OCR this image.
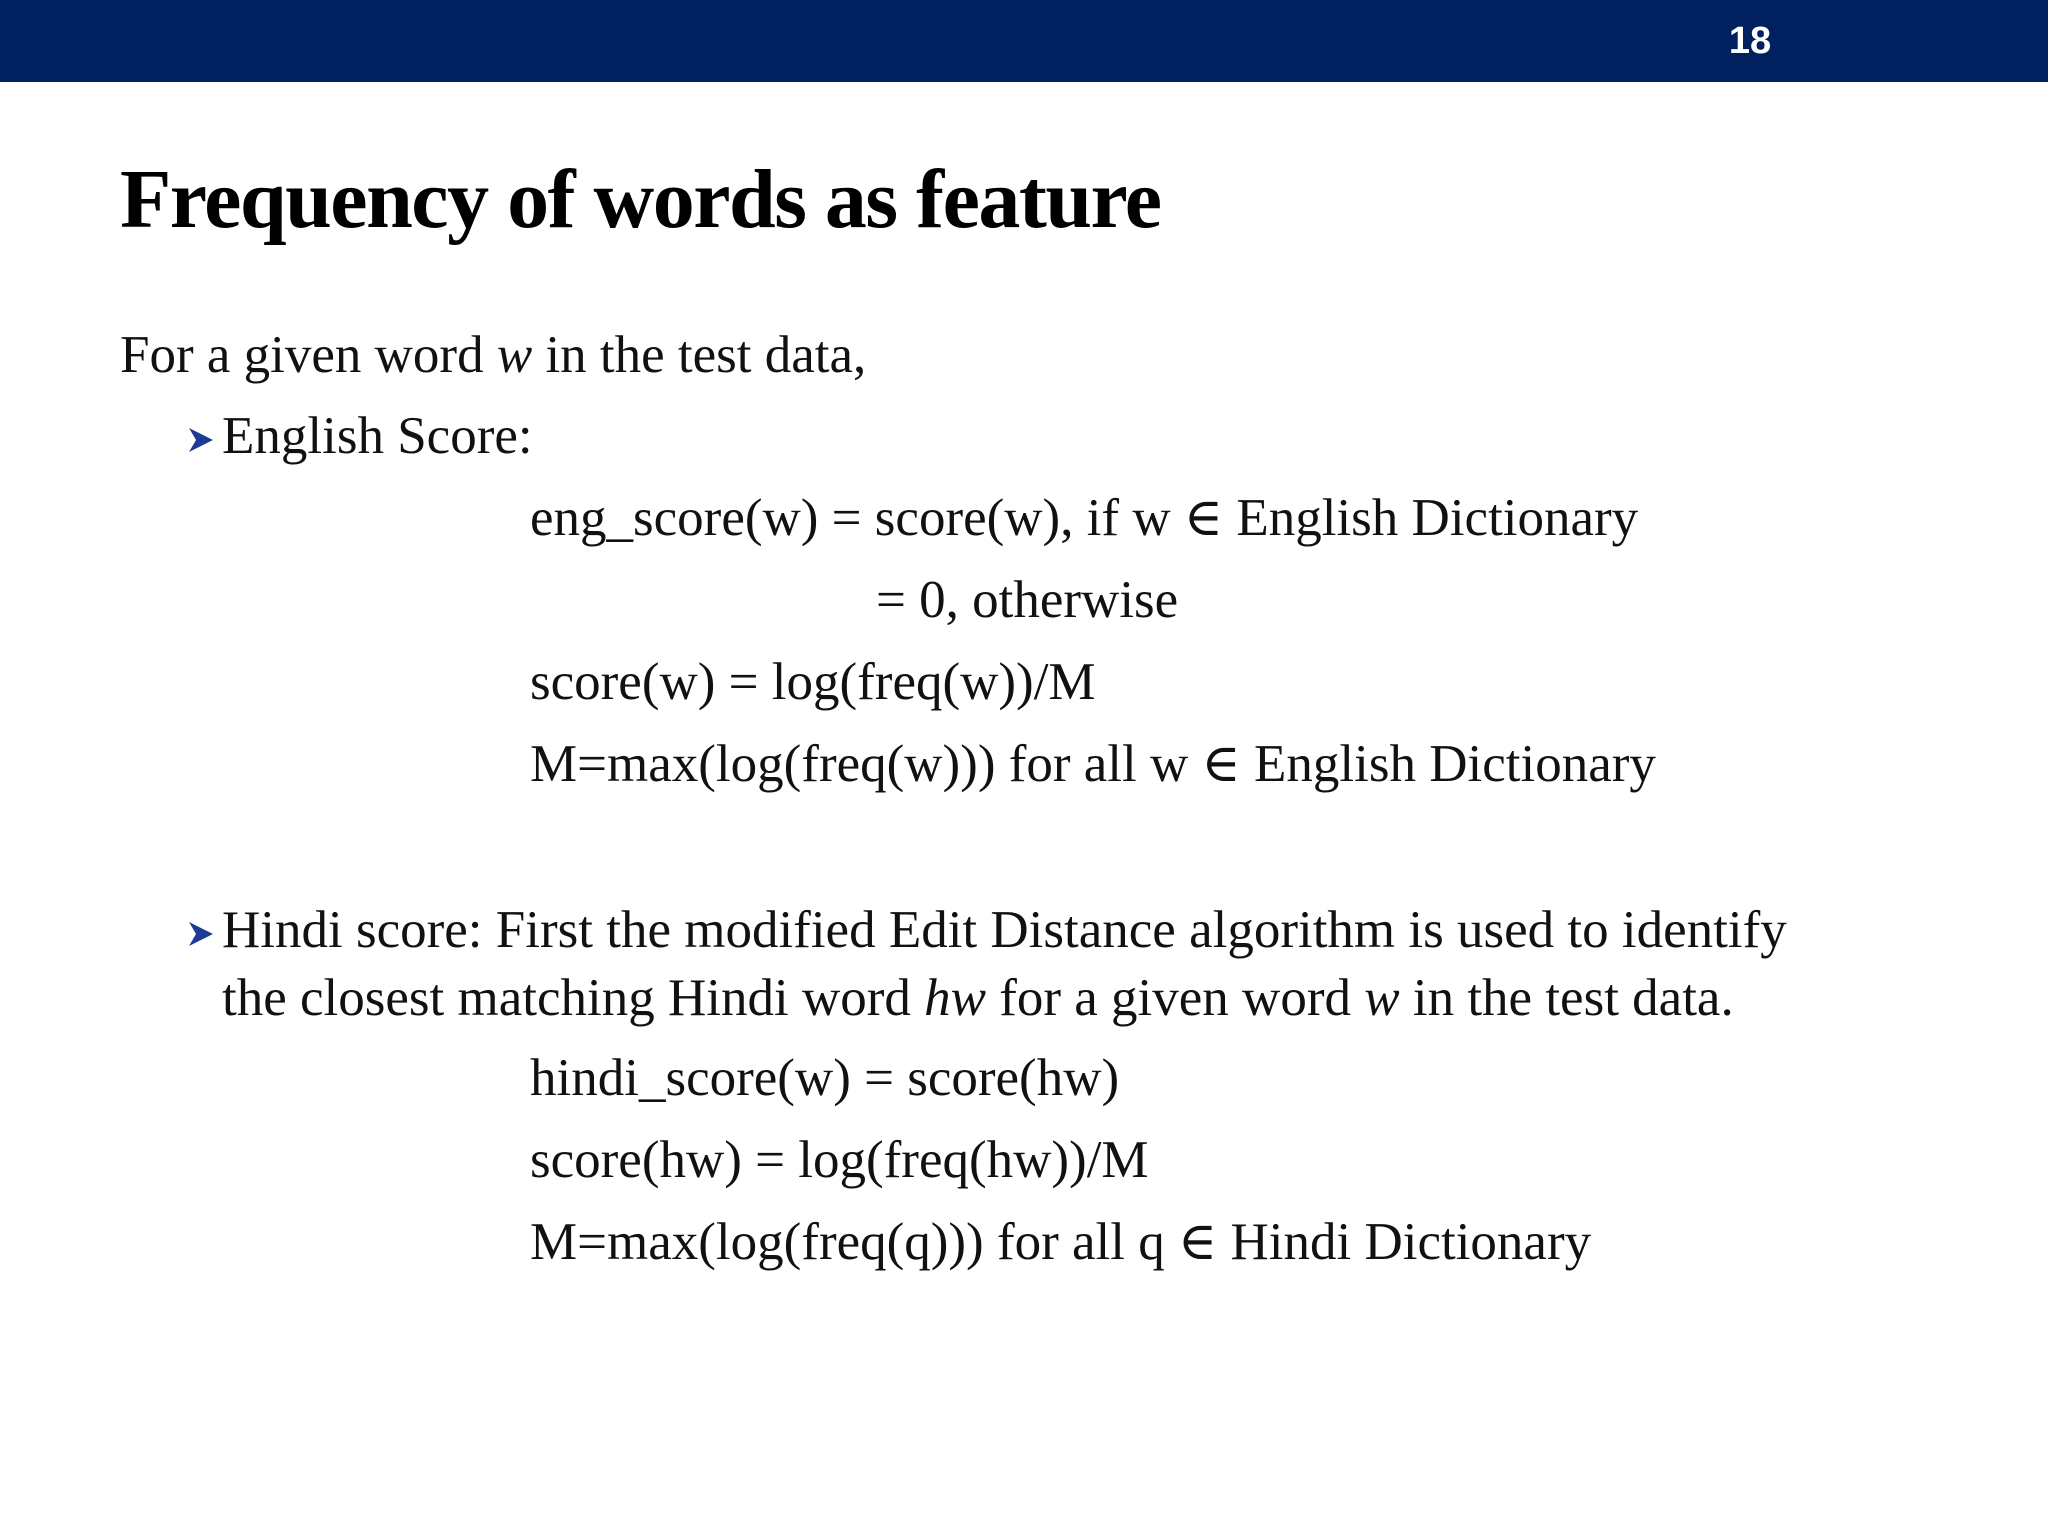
18
Frequency of words as feature
For a given word w in the test data,
English Score:
eng_score(w) = score(w), if w ∈ English Dictionary
= 0, otherwise
score(w) = log(freq(w))/M
M=max(log(freq(w))) for all w ∈ English Dictionary
Hindi score: First the modified Edit Distance algorithm is used to identify
the closest matching Hindi word hw for a given word w in the test data.
hindi_score(w) = score(hw)
score(hw) = log(freq(hw))/M
M=max(log(freq(q))) for all q ∈ Hindi Dictionary
